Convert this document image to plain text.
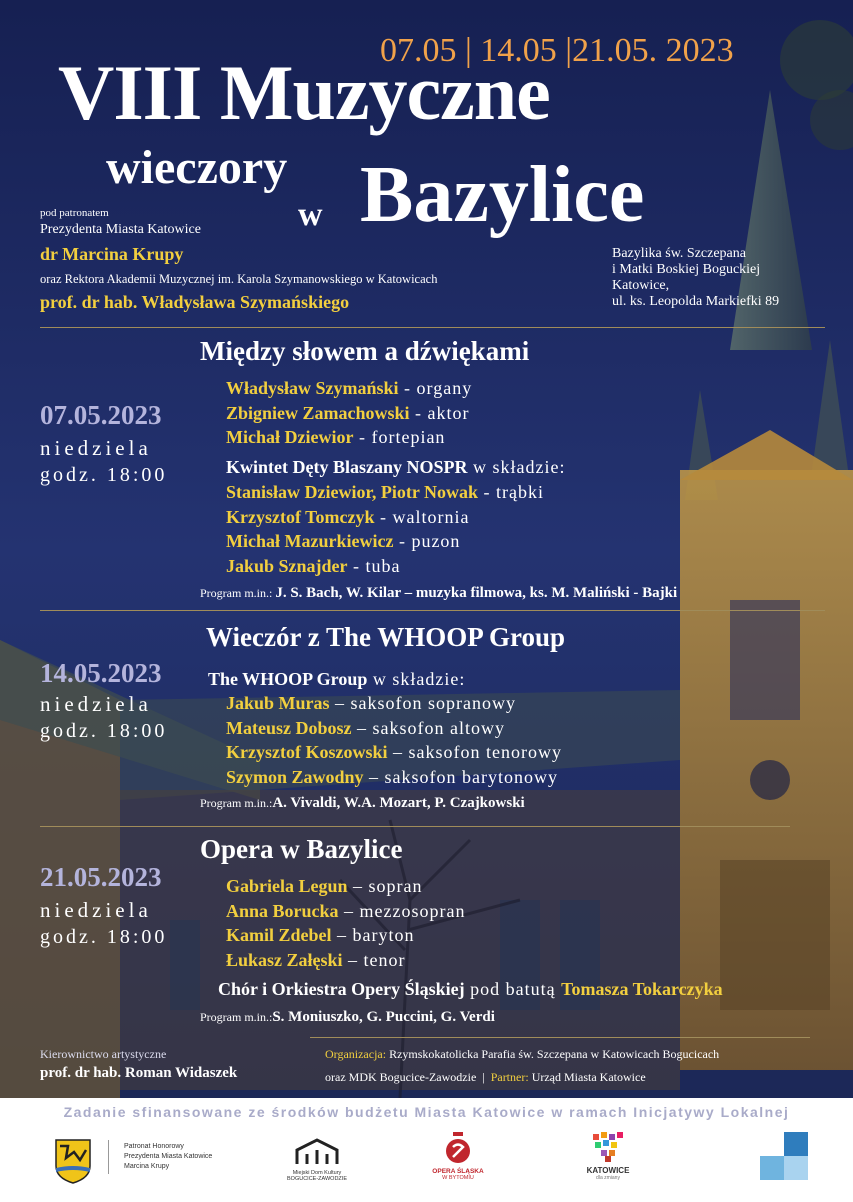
07.05 | 14.05 |21.05. 2023
VIII Muzyczne
wieczory
w Bazylice
pod patronatem
Prezydenta Miasta Katowice
dr Marcina Krupy
oraz Rektora Akademii Muzycznej im. Karola Szymanowskiego w Katowicach
prof. dr hab. Władysława Szymańskiego
Bazylika św. Szczepana
i Matki Boskiej Boguckiej
Katowice,
ul. ks. Leopolda Markiefki 89
Między słowem a dźwiękami
07.05.2023
niedziela
godz. 18:00
Władysław Szymański - organy
Zbigniew Zamachowski - aktor
Michał Dziewior - fortepian
Kwintet Dęty Blaszany NOSPR w składzie:
Stanisław Dziewior, Piotr Nowak - trąbki
Krzysztof Tomczyk - waltornia
Michał Mazurkiewicz - puzon
Jakub Sznajder - tuba
Program m.in.: J. S. Bach, W. Kilar – muzyka filmowa, ks. M. Maliński - Bajki
Wieczór z The WHOOP Group
14.05.2023
niedziela
godz. 18:00
The WHOOP Group w składzie:
Jakub Muras – saksofon sopranowy
Mateusz Dobosz – saksofon altowy
Krzysztof Koszowski – saksofon tenorowy
Szymon Zawodny – saksofon barytonowy
Program m.in.:A. Vivaldi, W.A. Mozart, P. Czajkowski
Opera w Bazylice
21.05.2023
niedziela
godz. 18:00
Gabriela Legun – sopran
Anna Borucka – mezzosopran
Kamil Zdebel – baryton
Łukasz Załęski – tenor
Chór i Orkiestra Opery Śląskiej pod batutą Tomasza Tokarczyka
Program m.in.:S. Moniuszko, G. Puccini, G. Verdi
Kierownictwo artystyczne
prof. dr hab. Roman Widaszek
Organizacja: Rzymskokatolicka Parafia św. Szczepana w Katowicach Bogucicach
oraz MDK Bogucice-Zawodzie  |  Partner: Urząd Miasta Katowice
Zadanie sfinansowane ze środków budżetu Miasta Katowice w ramach Inicjatywy Lokalnej
Patronat Honorowy
Prezydenta Miasta Katowice
Marcina Krupy
Miejski Dom Kultury
BOGUCICE-ZAWODZIE
OPERA ŚLĄSKA
W BYTOMIU
KATOWICE
dla zmiany
